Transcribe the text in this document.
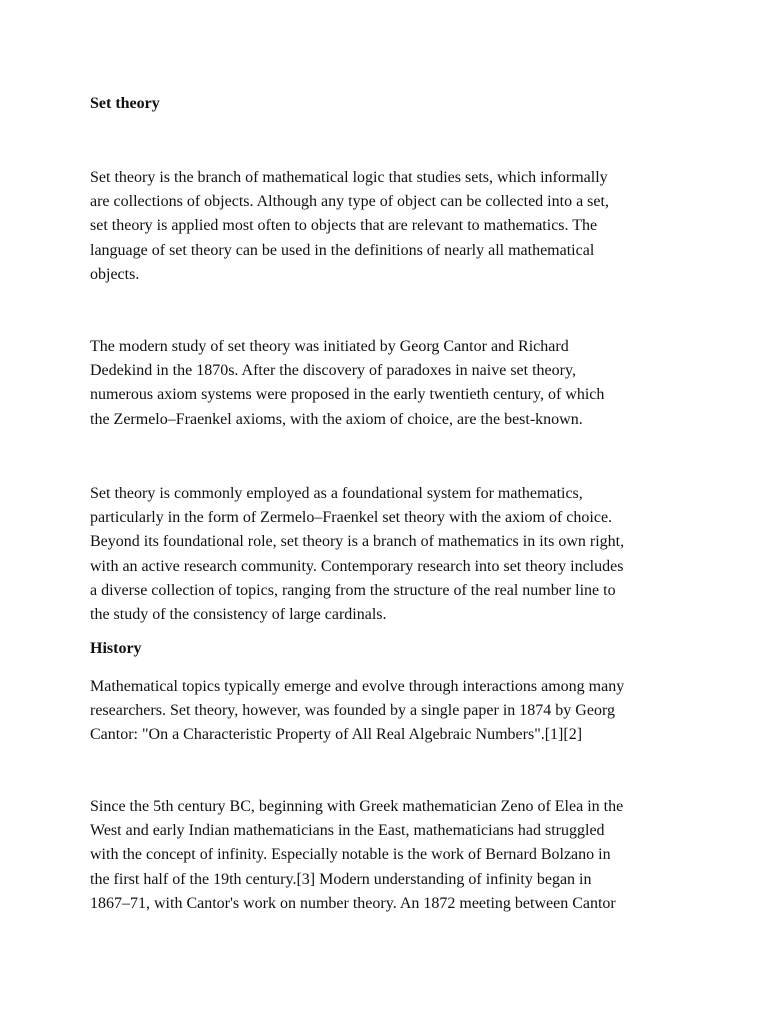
Set theory
Set theory is the branch of mathematical logic that studies sets, which informally
are collections of objects. Although any type of object can be collected into a set,
set theory is applied most often to objects that are relevant to mathematics. The
language of set theory can be used in the definitions of nearly all mathematical
objects.
The modern study of set theory was initiated by Georg Cantor and Richard
Dedekind in the 1870s. After the discovery of paradoxes in naive set theory,
numerous axiom systems were proposed in the early twentieth century, of which
the Zermelo–Fraenkel axioms, with the axiom of choice, are the best-known.
Set theory is commonly employed as a foundational system for mathematics,
particularly in the form of Zermelo–Fraenkel set theory with the axiom of choice.
Beyond its foundational role, set theory is a branch of mathematics in its own right,
with an active research community. Contemporary research into set theory includes
a diverse collection of topics, ranging from the structure of the real number line to
the study of the consistency of large cardinals.
History
Mathematical topics typically emerge and evolve through interactions among many
researchers. Set theory, however, was founded by a single paper in 1874 by Georg
Cantor: "On a Characteristic Property of All Real Algebraic Numbers".[1][2]
Since the 5th century BC, beginning with Greek mathematician Zeno of Elea in the
West and early Indian mathematicians in the East, mathematicians had struggled
with the concept of infinity. Especially notable is the work of Bernard Bolzano in
the first half of the 19th century.[3] Modern understanding of infinity began in
1867–71, with Cantor's work on number theory. An 1872 meeting between Cantor
